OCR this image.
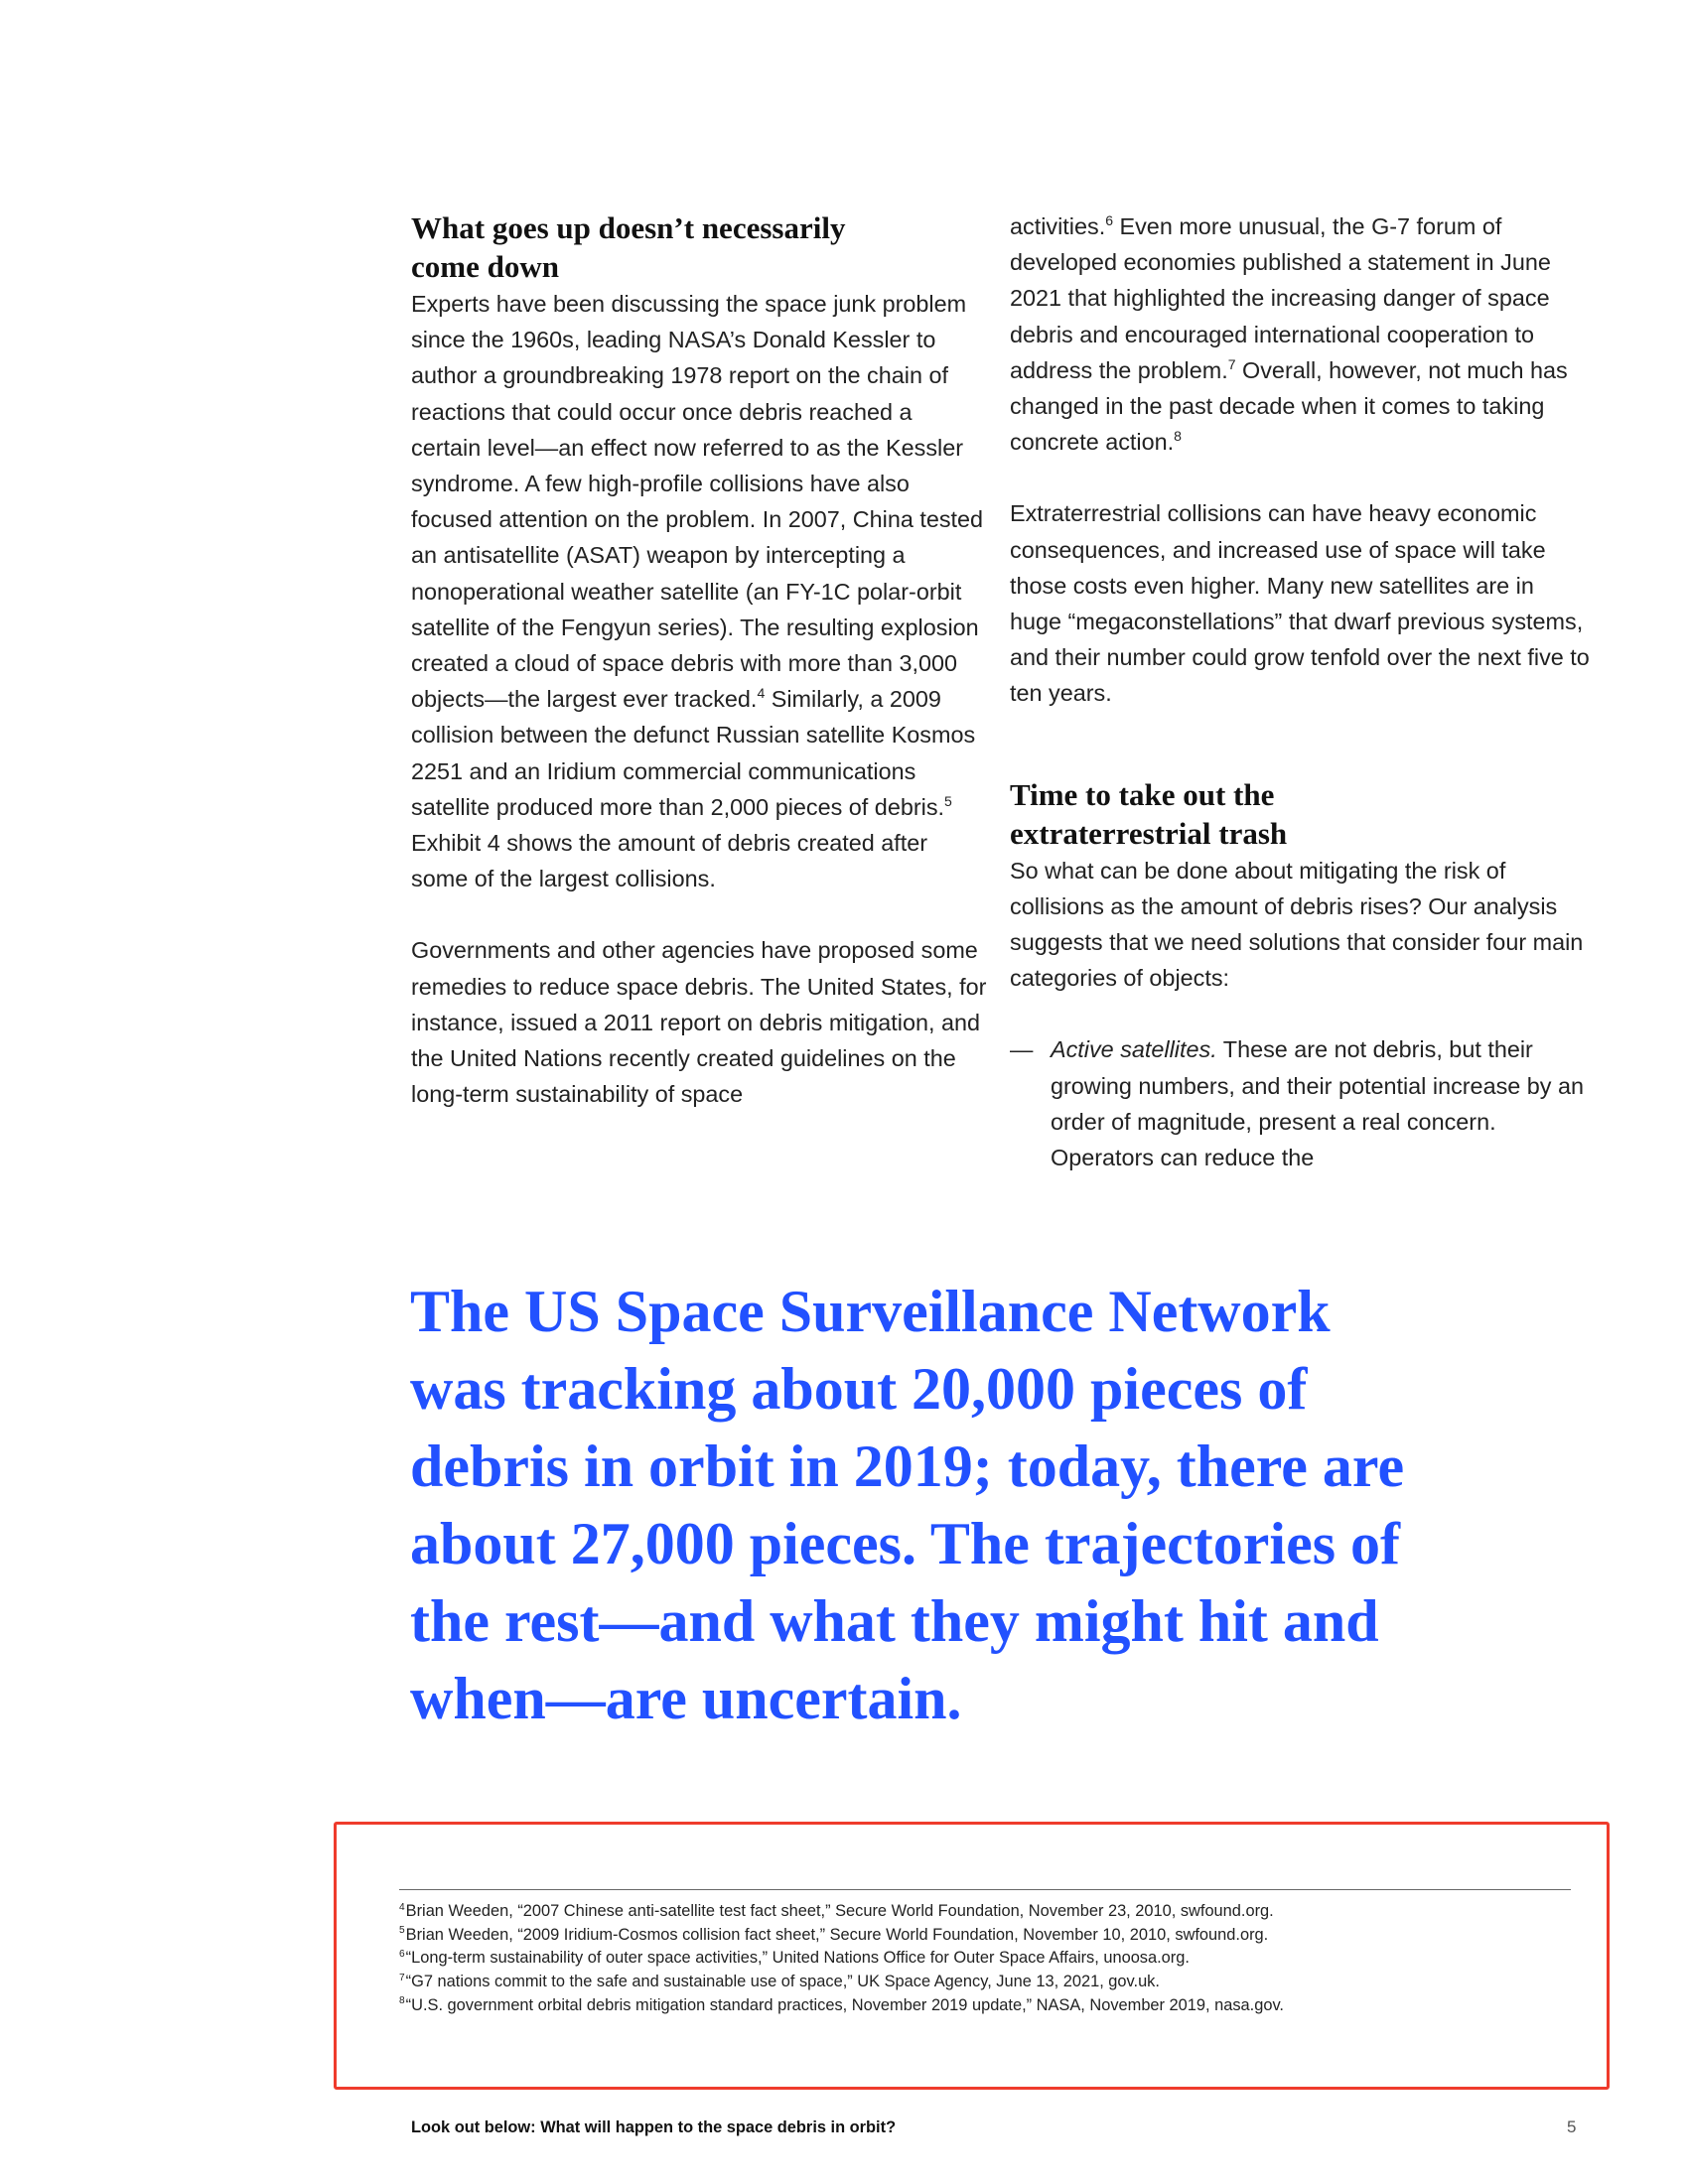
What goes up doesn’t necessarily
come down

Experts have been discussing the space junk problem since the 1960s, leading NASA’s Donald Kessler to author a groundbreaking 1978 report on the chain of reactions that could occur once debris reached a certain level—an effect now referred to as the Kessler syndrome. A few high-profile collisions have also focused attention on the problem. In 2007, China tested an antisatellite (ASAT) weapon by intercepting a nonoperational weather satellite (an FY-1C polar-orbit satellite of the Fengyun series). The resulting explosion created a cloud of space debris with more than 3,000 objects—the largest ever tracked.$^4$ Similarly, a 2009 collision between the defunct Russian satellite Kosmos 2251 and an Iridium commercial communications satellite produced more than 2,000 pieces of debris.$^5$ Exhibit 4 shows the amount of debris created after some of the largest collisions.

Governments and other agencies have proposed some remedies to reduce space debris. The United States, for instance, issued a 2011 report on debris mitigation, and the United Nations recently created guidelines on the long-term sustainability of space

activities.$^6$ Even more unusual, the G-7 forum of developed economies published a statement in June 2021 that highlighted the increasing danger of space debris and encouraged international cooperation to address the problem.$^7$ Overall, however, not much has changed in the past decade when it comes to taking concrete action.$^8$

Extraterrestrial collisions can have heavy economic consequences, and increased use of space will take those costs even higher. Many new satellites are in huge “megaconstellations” that dwarf previous systems, and their number could grow tenfold over the next five to ten years.

Time to take out the
extraterrestrial trash

So what can be done about mitigating the risk of collisions as the amount of debris rises? Our analysis suggests that we need solutions that consider four main categories of objects:

— Active satellites. These are not debris, but their growing numbers, and their potential increase by an order of magnitude, present a real concern. Operators can reduce the

The US Space Surveillance Network
was tracking about 20,000 pieces of
debris in orbit in 2019; today, there are
about 27,000 pieces. The trajectories of
the rest—and what they might hit and
when—are uncertain.
$^4$Brian Weeden, “2007 Chinese anti-satellite test fact sheet,” Secure World Foundation, November 23, 2010, swfound.org.
$^5$Brian Weeden, “2009 Iridium-Cosmos collision fact sheet,” Secure World Foundation, November 10, 2010, swfound.org.
$^6$“Long-term sustainability of outer space activities,” United Nations Office for Outer Space Affairs, unoosa.org.
$^7$“G7 nations commit to the safe and sustainable use of space,” UK Space Agency, June 13, 2021, gov.uk.
$^8$“U.S. government orbital debris mitigation standard practices, November 2019 update,” NASA, November 2019, nasa.gov.
Look out below: What will happen to the space debris in orbit?	5
